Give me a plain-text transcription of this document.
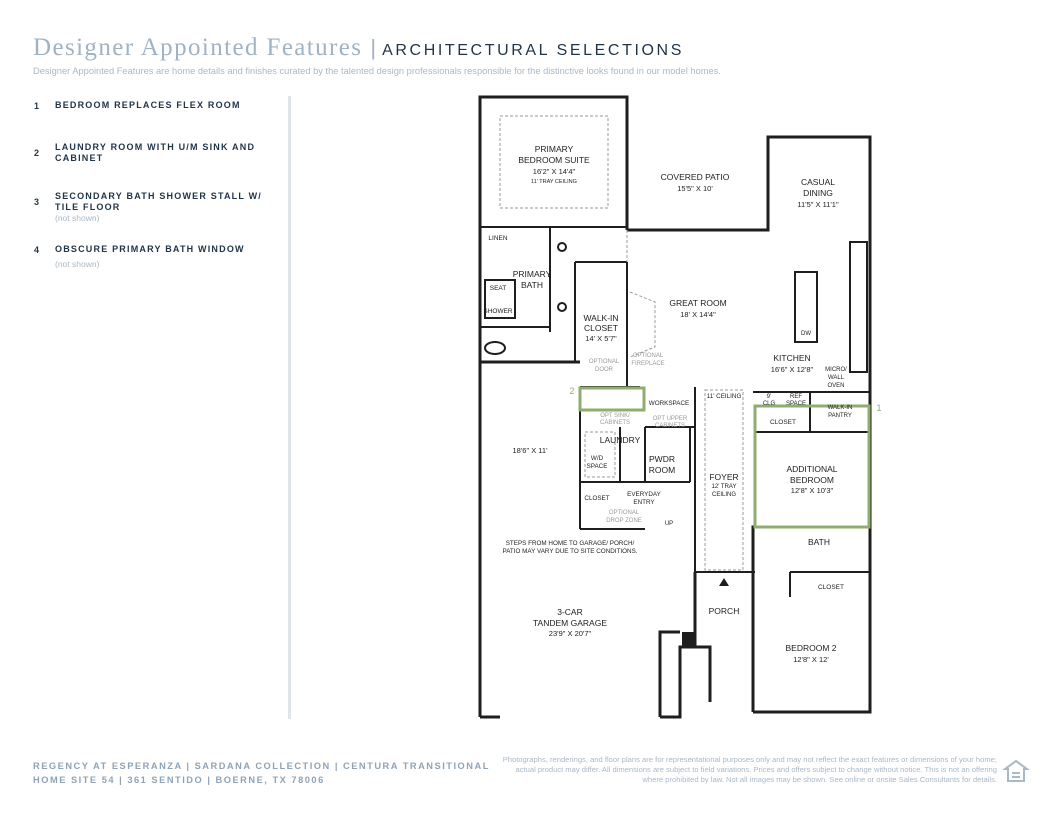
Designer Appointed Features | ARCHITECTURAL SELECTIONS
Designer Appointed Features are home details and finishes curated by the talented design professionals responsible for the distinctive looks found in our model homes.
1 BEDROOM REPLACES FLEX ROOM
2
LAUNDRY ROOM WITH U/M SINK AND CABINET
3
SECONDARY BATH SHOWER STALL W/ TILE FLOOR
(not shown)
4 OBSCURE PRIMARY BATH WINDOW
(not shown)
PRIMARY
BEDROOM SUITE
16'2" X 14'4"
11' TRAY CEILING	COVERED PATIO
15'5" X 10'
CASUAL
DINING
11'5" X 11'1"
LINEN
PRIMARY
BATH
SEAT
SHOWER
WALK-IN
CLOSET
14' X 5'7"
GREAT ROOM
18' X 14'4"
OPTIONAL
FIREPLACE
OPTIONAL
DOOR
KITCHEN
16'6" X 12'8"
DW
MICRO/
WALL
OVEN
WORKSPACE
11' CEILING	9'
CLG
REF
SPACE
WALK-IN
PANTRY
OPT SINK/
CABINETS
OPT UPPER
CABINETS
LAUNDRY
W/D
SPACE
PWDR
ROOM
FOYER
12' TRAY
CEILING
CLOSET
ADDITIONAL
BEDROOM
12'8" X 10'3"
18'6" X 11'
CLOSET
EVERYDAY
ENTRY
OPTIONAL
DROP ZONE	UP
STEPS FROM HOME TO GARAGE/ PORCH/
PATIO MAY VARY DUE TO SITE CONDITIONS.
BATH
CLOSET
3-CAR
TANDEM GARAGE
23'9" X 20'7"
PORCH
BEDROOM 2
12'8" X 12'
1
2
REGENCY AT ESPERANZA | SARDANA COLLECTION | CENTURA TRANSITIONAL
HOME SITE 54 | 361 SENTIDO | BOERNE, TX 78006
Photographs, renderings, and floor plans are for representational purposes only and may not reflect the exact features or dimensions of your home; actual product may differ. All dimensions are subject to field variations. Prices and offers subject to change without notice. This is not an offering where prohibited by law. Not all images may be shown. See online or onsite Sales Consultants for details.
